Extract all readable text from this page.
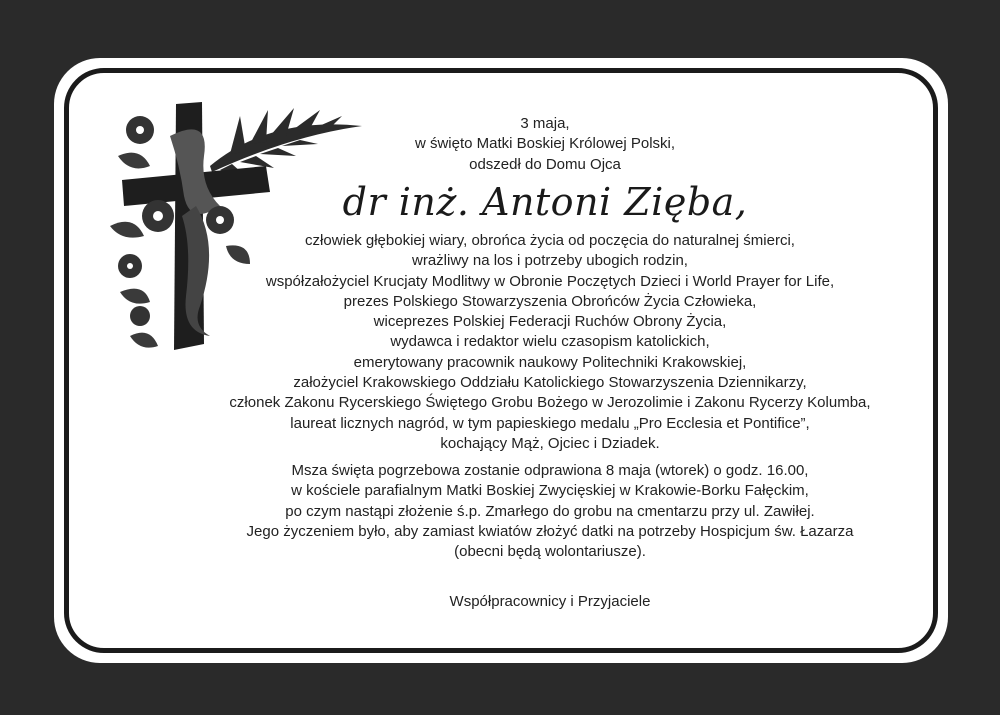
3 maja,
w święto Matki Boskiej Królowej Polski,
odszedł do Domu Ojca
dr inż. Antoni Zięba,
człowiek głębokiej wiary, obrońca życia od poczęcia do naturalnej śmierci,
wrażliwy na los i potrzeby ubogich rodzin,
współzałożyciel Krucjaty Modlitwy w Obronie Poczętych Dzieci i World Prayer for Life,
prezes Polskiego Stowarzyszenia Obrońców Życia Człowieka,
wiceprezes Polskiej Federacji Ruchów Obrony Życia,
wydawca i redaktor wielu czasopism katolickich,
emerytowany pracownik naukowy Politechniki Krakowskiej,
założyciel Krakowskiego Oddziału Katolickiego Stowarzyszenia Dziennikarzy,
członek Zakonu Rycerskiego Świętego Grobu Bożego w Jerozolimie i Zakonu Rycerzy Kolumba,
laureat licznych nagród, w tym papieskiego medalu „Pro Ecclesia et Pontifice”,
kochający Mąż, Ojciec i Dziadek.
Msza święta pogrzebowa zostanie odprawiona 8 maja (wtorek) o godz. 16.00,
w kościele parafialnym Matki Boskiej Zwycięskiej w Krakowie-Borku Fałęckim,
po czym nastąpi złożenie ś.p. Zmarłego do grobu na cmentarzu przy ul. Zawiłej.
Jego życzeniem było, aby zamiast kwiatów złożyć datki na potrzeby Hospicjum św. Łazarza
(obecni będą wolontariusze).
Współpracownicy i Przyjaciele
